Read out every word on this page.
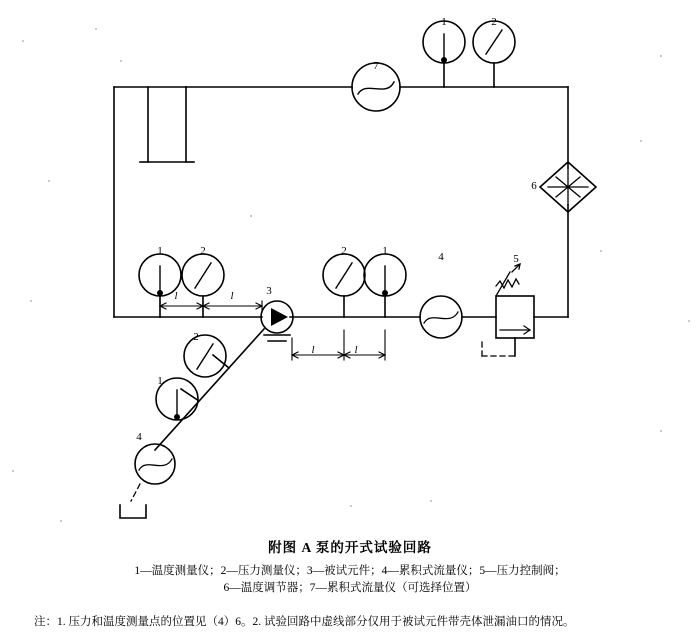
7
1	2
6
5
4
2	1
1	2
3
2
1
4
l	l
l	l
附图 A 泵的开式试验回路
1—温度测量仪；2—压力测量仪；3—被试元件；4—累积式流量仪；5—压力控制阀；
6—温度调节器；7—累积式流量仪（可选择位置）
注：1. 压力和温度测量点的位置见（4）6。2. 试验回路中虚线部分仅用于被试元件带壳体泄漏油口的情况。
